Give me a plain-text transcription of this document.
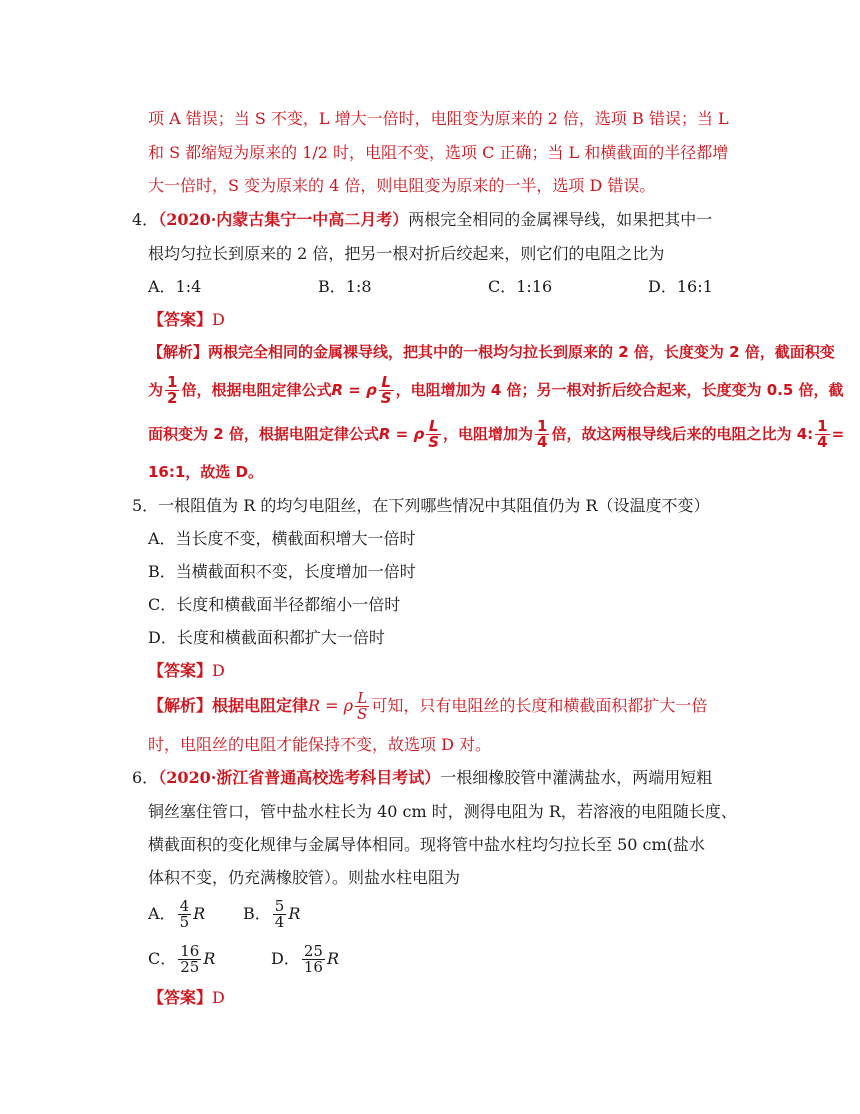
项 A 错误；当 S 不变，L 增大一倍时，电阻变为原来的 2 倍，选项 B 错误；当 L
和 S 都缩短为原来的 1/2 时，电阻不变，选项 C 正确；当 L 和横截面的半径都增
大一倍时，S 变为原来的 4 倍，则电阻变为原来的一半，选项 D 错误。
4．（2020·内蒙古集宁一中高二月考）两根完全相同的金属裸导线，如果把其中一
根均匀拉长到原来的 2 倍，把另一根对折后绞起来，则它们的电阻之比为
A．1:4	B．1:8	C．1:16	D．16:1
【答案】D
【解析】两根完全相同的金属裸导线，把其中的一根均匀拉长到原来的 2 倍，长度变为 2 倍，截面积变
为 $\frac{1}{2}$ 倍，根据电阻定律公式R = ρ $\frac{L}{S}$ ，电阻增加为 4 倍；另一根对折后绞合起来，长度变为 0.5 倍，截
面积变为 2 倍，根据电阻定律公式R = ρ $\frac{L}{S}$ ，电阻增加为 $\frac{1}{4}$ 倍，故这两根导线后来的电阻之比为 4: $\frac{1}{4}$ =
16:1，故选 D。
5．一根阻值为 R 的均匀电阻丝，在下列哪些情况中其阻值仍为 R（设温度不变）
A．当长度不变，横截面积增大一倍时
B．当横截面积不变，长度增加一倍时
C．长度和横截面半径都缩小一倍时
D．长度和横截面积都扩大一倍时
【答案】D
【解析】根据电阻定律R = ρ $\frac{L}{S}$ 可知，只有电阻丝的长度和横截面积都扩大一倍
时，电阻丝的电阻才能保持不变，故选项 D 对。
6．（2020·浙江省普通高校选考科目考试）一根细橡胶管中灌满盐水，两端用短粗
铜丝塞住管口，管中盐水柱长为 40 cm 时，测得电阻为 R，若溶液的电阻随长度、
横截面积的变化规律与金属导体相同。现将管中盐水柱均匀拉长至 50 cm(盐水
体积不变，仍充满橡胶管）。则盐水柱电阻为
A． $\frac{4}{5}$ R B． $\frac{5}{4}$ R
C． $\frac{16}{25}$ R	D． $\frac{25}{16}$ R
【答案】D
